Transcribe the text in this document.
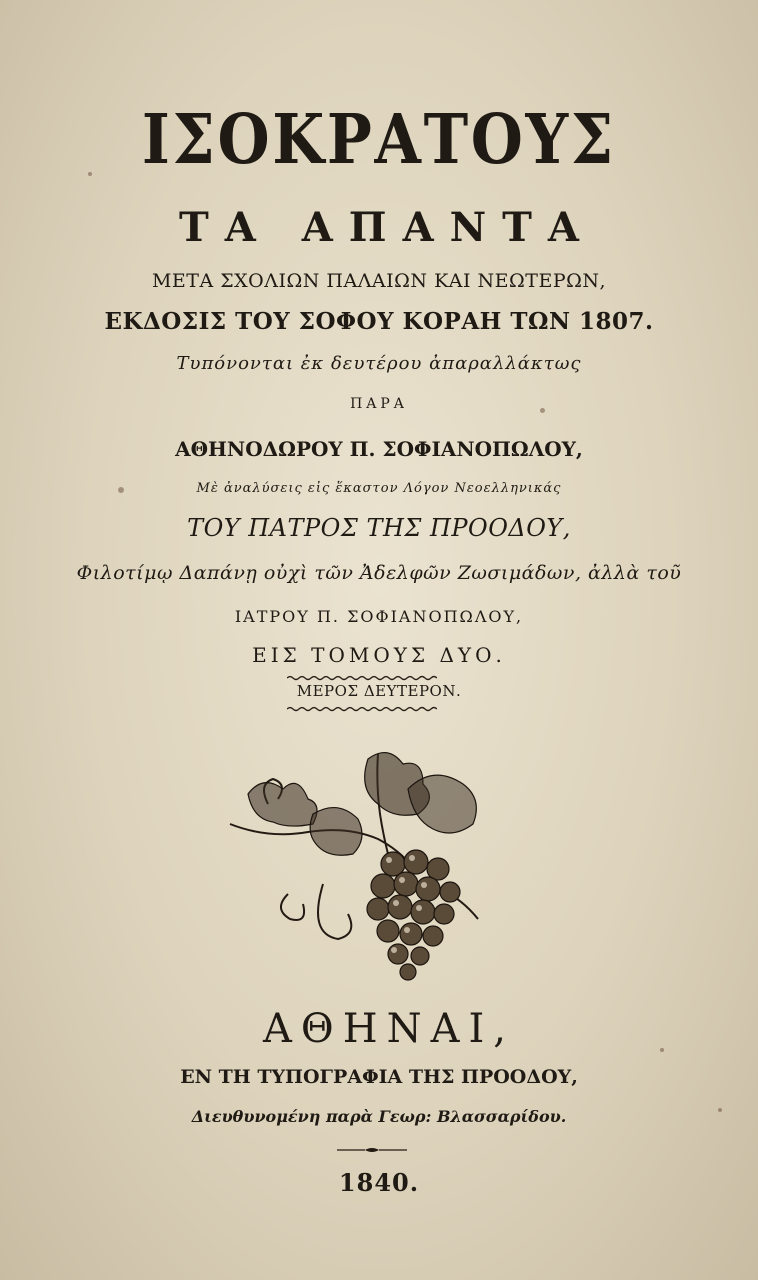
ΙΣΟΚΡΑΤΟΥΣ
ΤΑ ΑΠΑΝΤΑ
ΜΕΤΑ ΣΧΟΛΙΩΝ ΠΑΛΑΙΩΝ ΚΑΙ ΝΕΩΤΕΡΩΝ,
ΕΚΔΟΣΙΣ ΤΟΥ ΣΟΦΟΥ ΚΟΡΑΗ ΤΩΝ 1807.
Τυπόνονται ἐκ δευτέρου ἀπαραλλάκτως
ΠΑΡΑ
ΑΘΗΝΟΔΩΡΟΥ Π. ΣΟΦΙΑΝΟΠΩΛΟΥ,
Μὲ ἀναλύσεις εἰς ἕκαστον Λόγον Νεοελληνικάς
ΤΟΥ ΠΑΤΡΟΣ ΤΗΣ ΠΡΟΟΔΟΥ,
Φιλοτίμῳ Δαπάνῃ οὐχὶ τῶν Ἀδελφῶν Ζωσιμάδων, ἀλλὰ τοῦ
ΙΑΤΡΟΥ Π. ΣΟΦΙΑΝΟΠΩΛΟΥ,
ΕΙΣ ΤΟΜΟΥΣ ΔΥΟ.
ΜΕΡΟΣ ΔΕΥΤΕΡΟΝ.
ΑΘΗΝΑΙ,
ΕΝ ΤΗ ΤΥΠΟΓΡΑΦΙΑ ΤΗΣ ΠΡΟΟΔΟΥ,
Διευθυνομένη παρὰ Γεωρ: Βλασσαρίδου.
1840.
